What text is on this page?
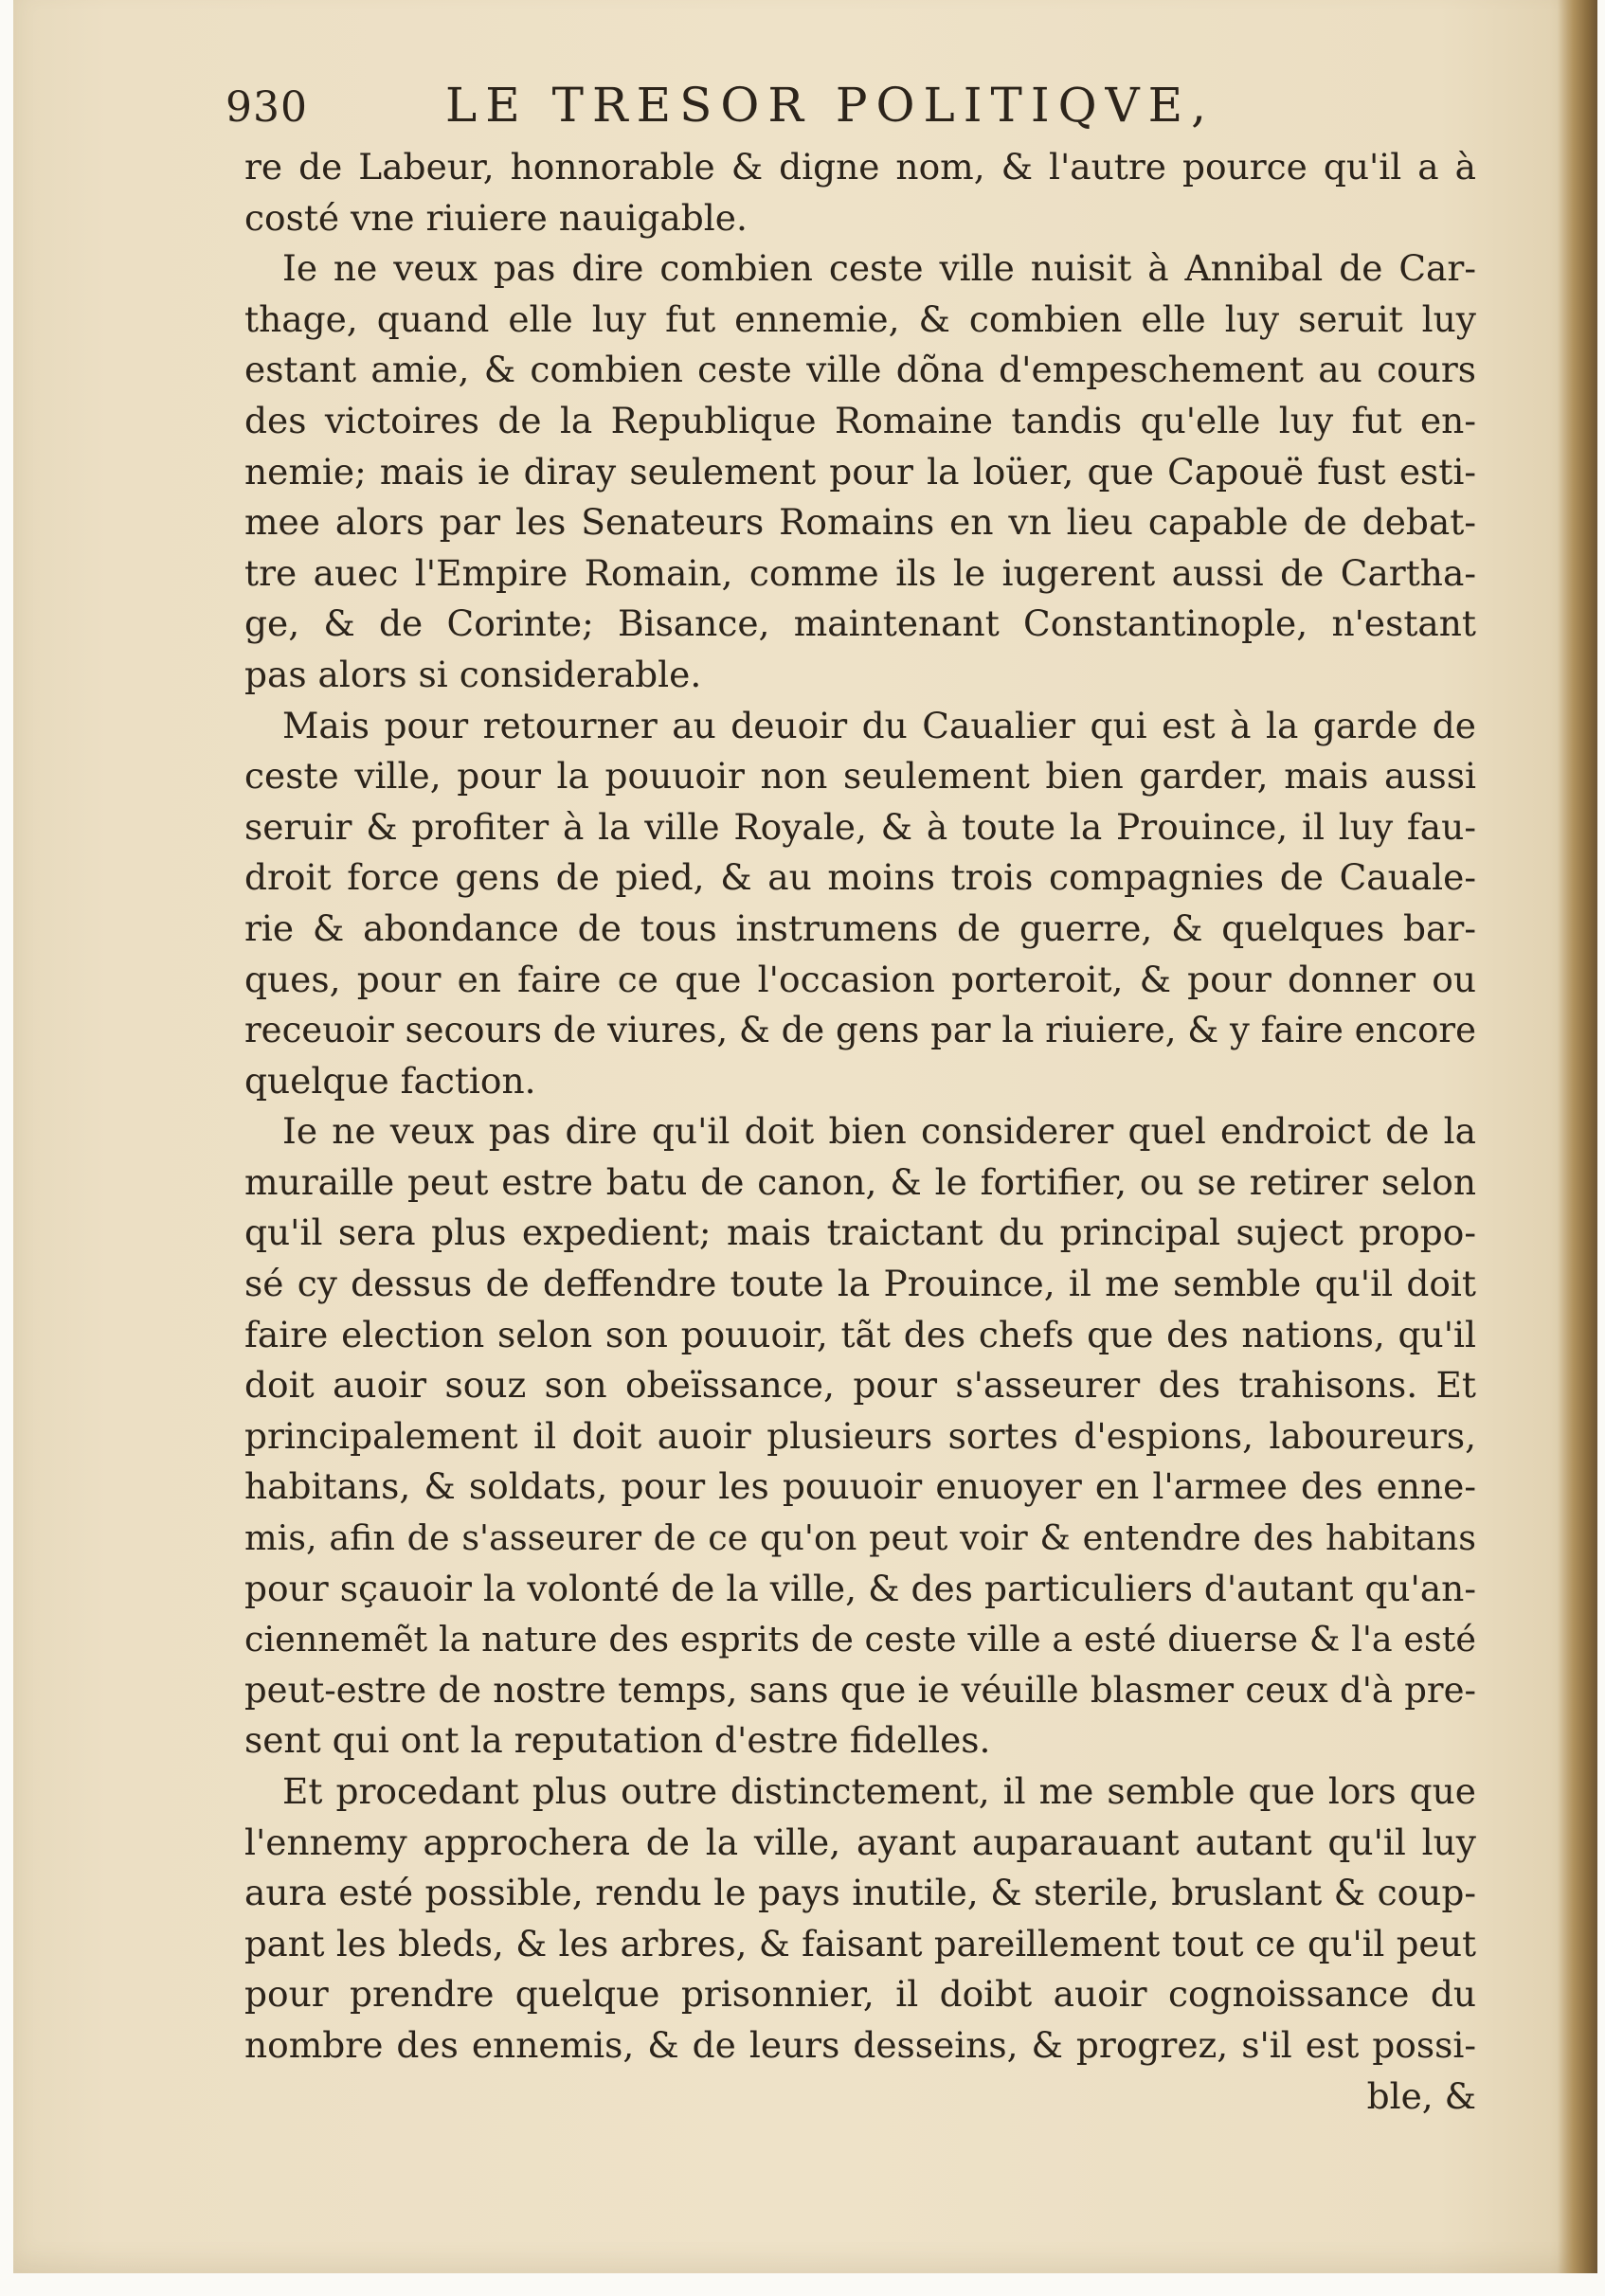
930	LE TRESOR POLITIQVE,
re de Labeur, honnorable & digne nom, & l'autre pource qu'il a à
costé vne riuiere nauigable.
Ie ne veux pas dire combien ceste ville nuisit à Annibal de Car-
thage, quand elle luy fut ennemie, & combien elle luy seruit luy
estant amie, & combien ceste ville dõna d'empeschement au cours
des victoires de la Republique Romaine tandis qu'elle luy fut en-
nemie; mais ie diray seulement pour la loüer, que Capouë fust esti-
mee alors par les Senateurs Romains en vn lieu capable de debat-
tre auec l'Empire Romain, comme ils le iugerent aussi de Cartha-
ge, & de Corinte; Bisance, maintenant Constantinople, n'estant
pas alors si considerable.
Mais pour retourner au deuoir du Caualier qui est à la garde de
ceste ville, pour la pouuoir non seulement bien garder, mais aussi
seruir & profiter à la ville Royale, & à toute la Prouince, il luy fau-
droit force gens de pied, & au moins trois compagnies de Cauale-
rie & abondance de tous instrumens de guerre, & quelques bar-
ques, pour en faire ce que l'occasion porteroit, & pour donner ou
receuoir secours de viures, & de gens par la riuiere, & y faire encore
quelque faction.
Ie ne veux pas dire qu'il doit bien considerer quel endroict de la
muraille peut estre batu de canon, & le fortifier, ou se retirer selon
qu'il sera plus expedient; mais traictant du principal suject propo-
sé cy dessus de deffendre toute la Prouince, il me semble qu'il doit
faire election selon son pouuoir, tãt des chefs que des nations, qu'il
doit auoir souz son obeïssance, pour s'asseurer des trahisons. Et
principalement il doit auoir plusieurs sortes d'espions, laboureurs,
habitans, & soldats, pour les pouuoir enuoyer en l'armee des enne-
mis, afin de s'asseurer de ce qu'on peut voir & entendre des habitans
pour sçauoir la volonté de la ville, & des particuliers d'autant qu'an-
ciennemẽt la nature des esprits de ceste ville a esté diuerse & l'a esté
peut-estre de nostre temps, sans que ie véuille blasmer ceux d'à pre-
sent qui ont la reputation d'estre fidelles.
Et procedant plus outre distinctement, il me semble que lors que
l'ennemy approchera de la ville, ayant auparauant autant qu'il luy
aura esté possible, rendu le pays inutile, & sterile, bruslant & coup-
pant les bleds, & les arbres, & faisant pareillement tout ce qu'il peut
pour prendre quelque prisonnier, il doibt auoir cognoissance du
nombre des ennemis, & de leurs desseins, & progrez, s'il est possi-
ble, &
